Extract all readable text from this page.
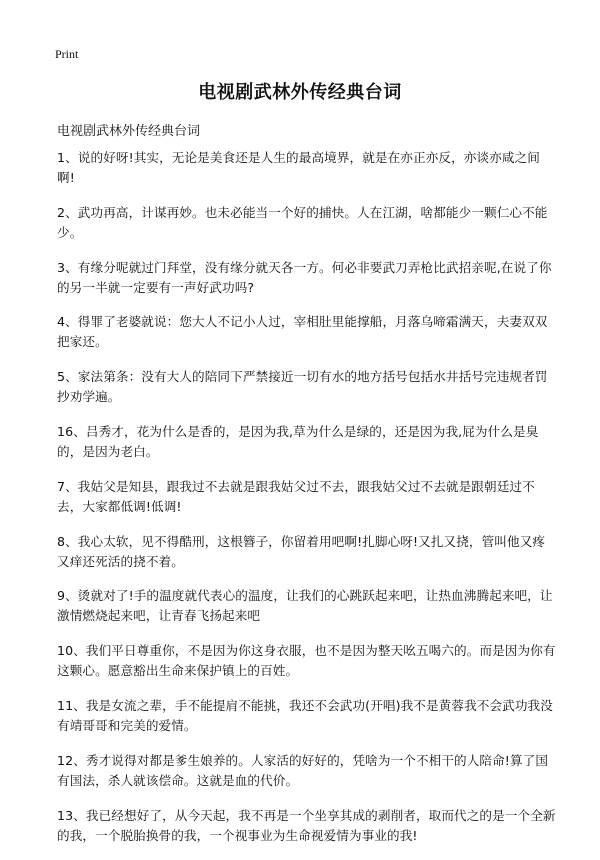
Print
电视剧武林外传经典台词

电视剧武林外传经典台词

1、说的好呀!其实，无论是美食还是人生的最高境界，就是在亦正亦反，亦谈亦咸之间啊!
2、武功再高，计谋再妙。也未必能当一个好的捕快。人在江湖，啥都能少一颗仁心不能少。
3、有缘分呢就过门拜堂，没有缘分就天各一方。何必非要武刀弄枪比武招亲呢,在说了你的另一半就一定要有一声好武功吗?
4、得罪了老婆就说：您大人不记小人过，宰相肚里能撑船，月落乌啼霜满天，夫妻双双把家还。
5、家法第条：没有大人的陪同下严禁接近一切有水的地方括号包括水井括号完违规者罚抄劝学遍。
16、吕秀才，花为什么是香的，是因为我,草为什么是绿的，还是因为我,屁为什么是臭的，是因为老白。
7、我姑父是知县，跟我过不去就是跟我姑父过不去，跟我姑父过不去就是跟朝廷过不去，大家都低调!低调!
8、我心太软，见不得酷刑，这根簪子，你留着用吧啊!扎脚心呀!又扎又挠，管叫他又疼又痒还死活的挠不着。
9、烫就对了!手的温度就代表心的温度，让我们的心跳跃起来吧，让热血沸腾起来吧，让激情燃烧起来吧，让青春飞扬起来吧
10、我们平日尊重你，不是因为你这身衣服，也不是因为整天吆五喝六的。而是因为你有这颗心。愿意豁出生命来保护镇上的百姓。
11、我是女流之辈，手不能提肩不能挑，我还不会武功(开唱)我不是黄蓉我不会武功我没有靖哥哥和完美的爱情。
12、秀才说得对都是爹生娘养的。人家活的好好的，凭啥为一个不相干的人陪命!算了国有国法，杀人就该偿命。这就是血的代价。
13、我已经想好了，从今天起，我不再是一个坐享其成的剥削者，取而代之的是一个全新的我，一个脱胎换骨的我，一个视事业为生命视爱情为事业的我!
